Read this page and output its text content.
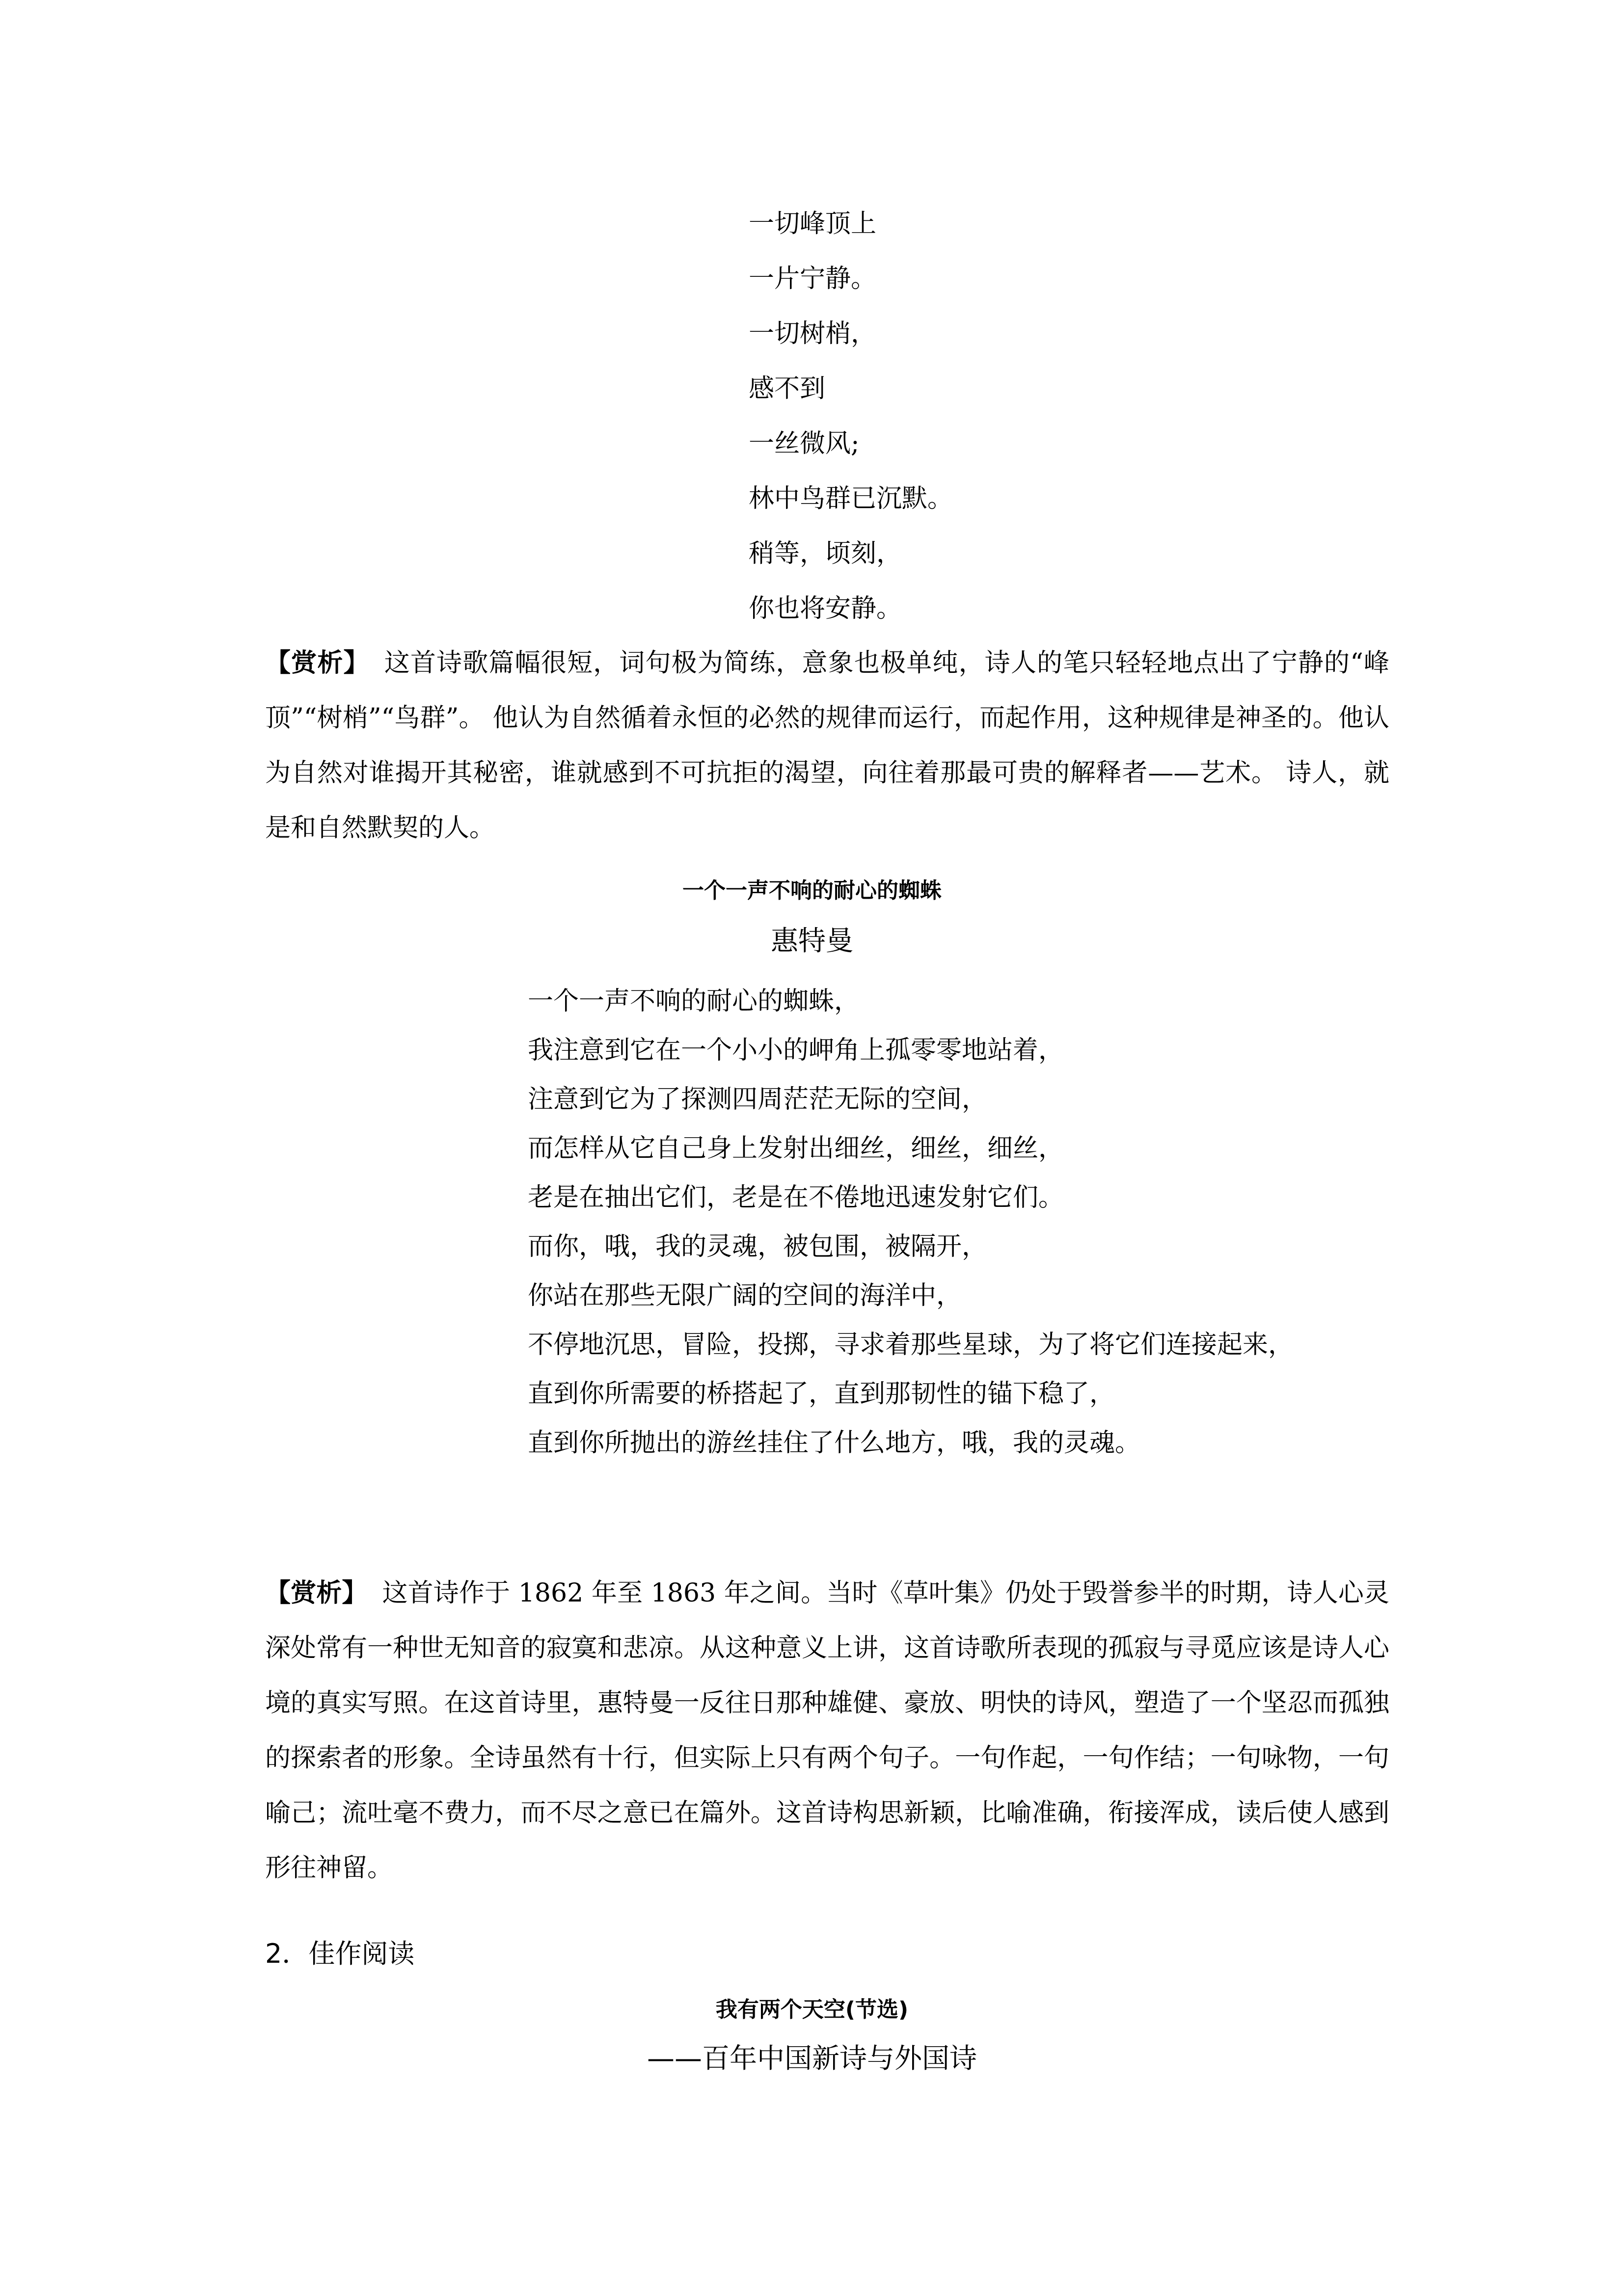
一切峰顶上
一片宁静。
一切树梢，
感不到
一丝微风;
林中鸟群已沉默。
稍等，顷刻，
你也将安静。

【赏析】 这首诗歌篇幅很短，词句极为简练，意象也极单纯，诗人的笔只轻轻地点出了宁静的“峰顶”“树梢”“鸟群”。 他认为自然循着永恒的必然的规律而运行，而起作用，这种规律是神圣的。他认为自然对谁揭开其秘密，谁就感到不可抗拒的渴望，向往着那最可贵的解释者——艺术。 诗人，就是和自然默契的人。

一个一声不响的耐心的蜘蛛
惠特曼
一个一声不响的耐心的蜘蛛，
我注意到它在一个小小的岬角上孤零零地站着，
注意到它为了探测四周茫茫无际的空间，
而怎样从它自己身上发射出细丝，细丝，细丝，
老是在抽出它们，老是在不倦地迅速发射它们。
而你，哦，我的灵魂，被包围，被隔开，
你站在那些无限广阔的空间的海洋中，
不停地沉思，冒险，投掷，寻求着那些星球，为了将它们连接起来，
直到你所需要的桥搭起了，直到那韧性的锚下稳了，
直到你所抛出的游丝挂住了什么地方，哦，我的灵魂。

【赏析】 这首诗作于 1862 年至 1863 年之间。当时《草叶集》仍处于毁誉参半的时期，诗人心灵深处常有一种世无知音的寂寞和悲凉。从这种意义上讲，这首诗歌所表现的孤寂与寻觅应该是诗人心境的真实写照。在这首诗里，惠特曼一反往日那种雄健、豪放、明快的诗风，塑造了一个坚忍而孤独的探索者的形象。全诗虽然有十行，但实际上只有两个句子。一句作起，一句作结；一句咏物，一句喻己；流吐毫不费力，而不尽之意已在篇外。这首诗构思新颖，比喻准确，衔接浑成，读后使人感到形往神留。

2．佳作阅读
我有两个天空(节选)
——百年中国新诗与外国诗
